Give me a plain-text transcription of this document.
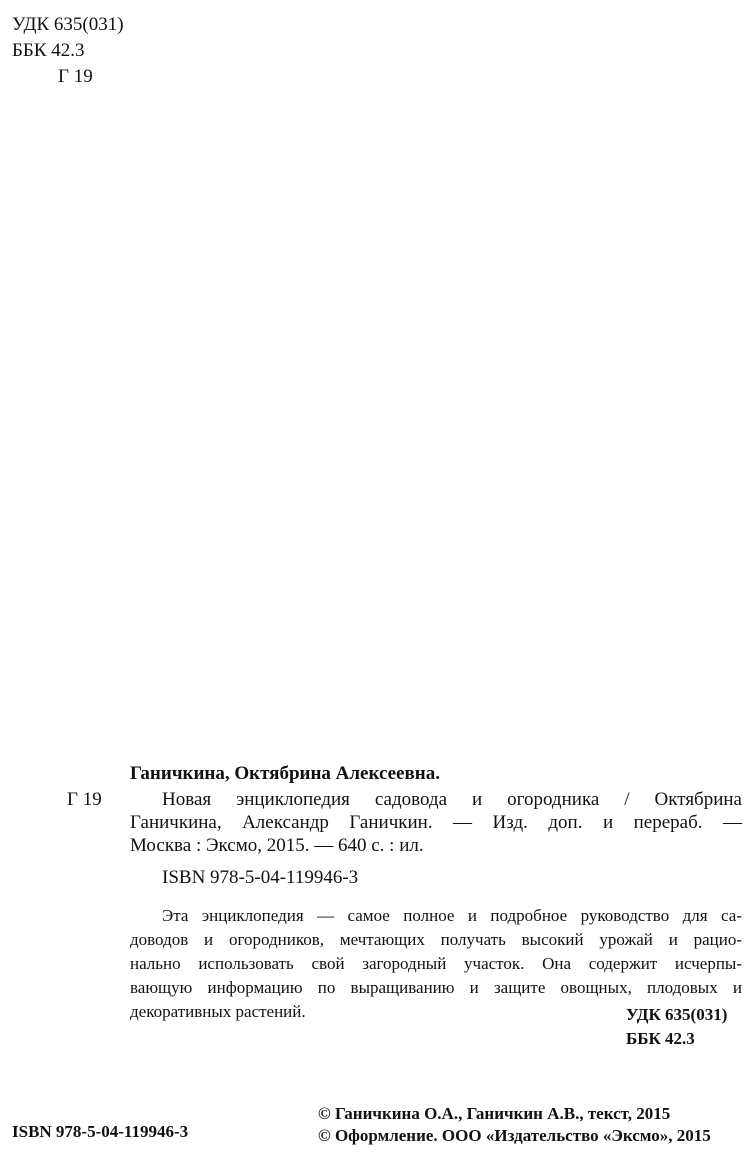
УДК 635(031)
ББК 42.3
Г 19
Ганичкина, Октябрина Алексеевна.
Г 19	Новая энциклопедия садовода и огородника / Октябрина
Ганичкина, Александр Ганичкин. — Изд. доп. и перераб. —
Москва : Эксмо, 2015. — 640 с. : ил.
ISBN 978-5-04-119946-3
Эта энциклопедия — самое полное и подробное руководство для са-
доводов и огородников, мечтающих получать высокий урожай и рацио-
нально использовать свой загородный участок. Она содержит исчерпы-
вающую информацию по выращиванию и защите овощных, плодовых и
декоративных растений.	УДК 635(031)
ББК 42.3
ISBN 978-5-04-119946-3
© Ганичкина О.А., Ганичкин А.В., текст, 2015
© Оформление. ООО «Издательство «Эксмо», 2015
